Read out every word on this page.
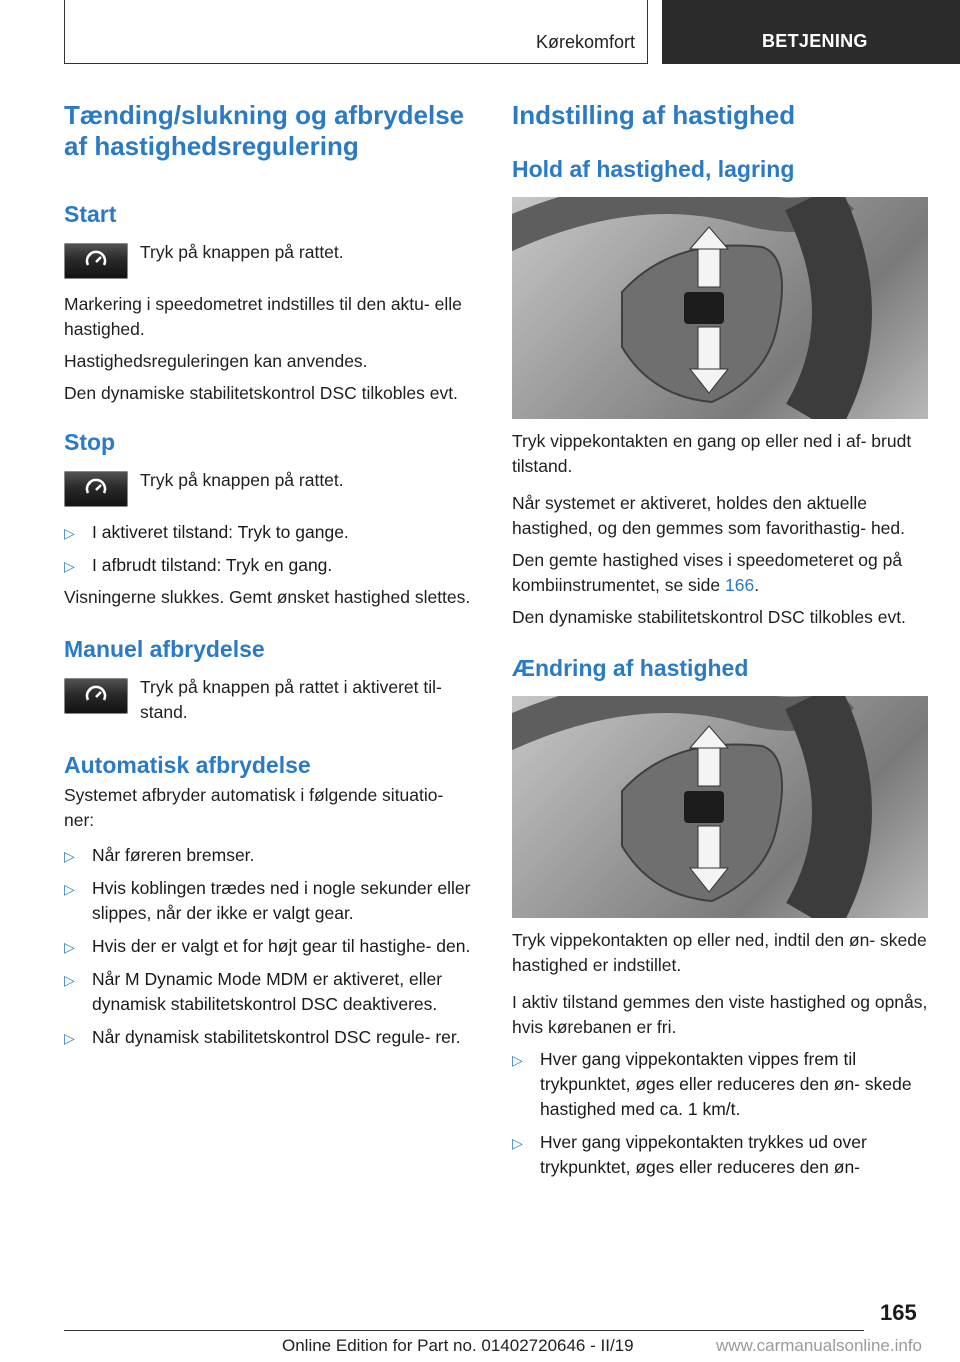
Kørekomfort	BETJENING
Tænding/slukning og afbrydelse af hastighedsregulering
Start

Tryk på knappen på rattet.

Markering i speedometret indstilles til den aktu‐ elle hastighed.

Hastighedsreguleringen kan anvendes.

Den dynamiske stabilitetskontrol DSC tilkobles evt.

Stop

Tryk på knappen på rattet.

▷ I aktiveret tilstand: Tryk to gange.
▷ I afbrudt tilstand: Tryk en gang.

Visningerne slukkes. Gemt ønsket hastighed slettes.

Manuel afbrydelse

Tryk på knappen på rattet i aktiveret til‐ stand.

Automatisk afbrydelse

Systemet afbryder automatisk i følgende situatio‐ ner:

▷ Når føreren bremser.
▷ Hvis koblingen trædes ned i nogle sekunder eller slippes, når der ikke er valgt gear.
▷ Hvis der er valgt et for højt gear til hastighe‐ den.
▷ Når M Dynamic Mode MDM er aktiveret, eller dynamisk stabilitetskontrol DSC deaktiveres.
▷ Når dynamisk stabilitetskontrol DSC regule‐ rer.
Indstilling af hastighed
Hold af hastighed, lagring

Tryk vippekontakten en gang op eller ned i af‐ brudt tilstand.

Når systemet er aktiveret, holdes den aktuelle hastighed, og den gemmes som favorithastig‐ hed.

Den gemte hastighed vises i speedometeret og på kombiinstrumentet, se side 166.

Den dynamiske stabilitetskontrol DSC tilkobles evt.

Ændring af hastighed

Tryk vippekontakten op eller ned, indtil den øn‐ skede hastighed er indstillet.

I aktiv tilstand gemmes den viste hastighed og opnås, hvis kørebanen er fri.

▷ Hver gang vippekontakten vippes frem til trykpunktet, øges eller reduceres den øn‐ skede hastighed med ca. 1 km/t.
▷ Hver gang vippekontakten trykkes ud over trykpunktet, øges eller reduceres den øn‐
165
Online Edition for Part no. 01402720646 - II/19	www.carmanualsonline.info
